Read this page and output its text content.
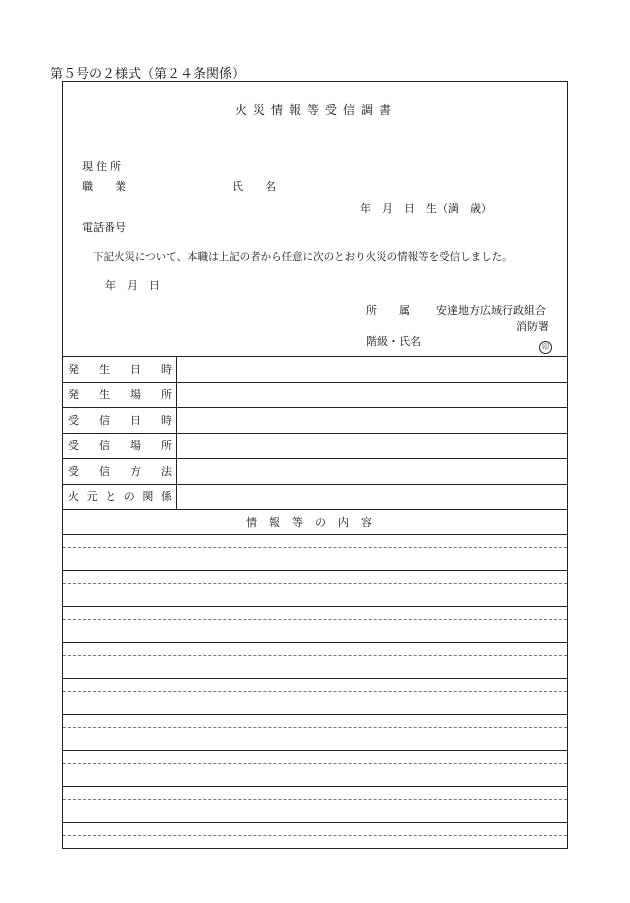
第５号の２様式（第２４条関係）
火災情報等受信調書
現住所
職　　業	氏　　名
年　月　日　生（満　歳）
電話番号
下記火災について、本職は上記の者から任意に次のとおり火災の情報等を受信しました。
年　月　日
所　　属 安達地方広域行政組合
消防署
階級・氏名	印
発 生 日 時
発 生 場 所
受 信 日 時
受 信 場 所
受 信 方 法
火 元 と の 関 係
情報等の内容
